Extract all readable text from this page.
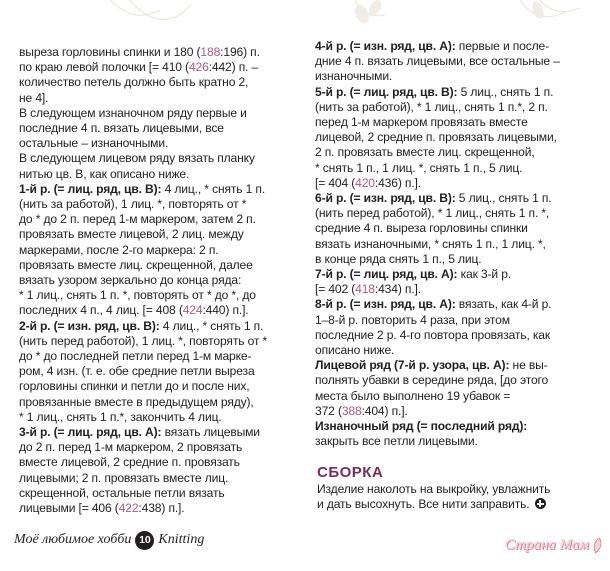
выреза горловины спинки и 180 (188:196) п.
по краю левой полочки [= 410 (426:442) п. –
количество петель должно быть кратно 2,
не 4].
В следующем изнаночном ряду первые и
последние 4 п. вязать лицевыми, все
остальные – изнаночными.
В следующем лицевом ряду вязать планку
нитью цв. В, как описано ниже.
1-й р. (= лиц. ряд, цв. В): 4 лиц., * снять 1 п.
(нить за работой), 1 лиц. *, повторять от *
до * до 2 п. перед 1-м маркером, затем 2 п.
провязать вместе лицевой, 2 лиц. между
маркерами, после 2-го маркера: 2 п.
провязать вместе лиц. скрещенной, далее
вязать узором зеркально до конца ряда:
* 1 лиц., снять 1 п. *, повторять от * до *, до
последних 4 п., 4 лиц. [= 408 (424:440) п.].
2-й р. (= изн. ряд, цв. В): 4 лиц., * снять 1 п.
(нить перед работой), 1 лиц. *, повторять от *
до * до последней петли перед 1-м марке-
ром, 4 изн. (т. е. обе средние петли выреза
горловины спинки и петли до и после них,
провязанные вместе в предыдущем ряду),
* 1 лиц., снять 1 п.*, закончить 4 лиц.
3-й р. (= лиц. ряд, цв. А): вязать лицевыми
до 2 п. перед 1-м маркером, 2 провязать
вместе лицевой, 2 средние п. провязать
лицевыми; 2 п. провязать вместе лиц.
скрещенной, остальные петли вязать
лицевыми [= 406 (422:438) п.].
4-й р. (= изн. ряд, цв. А): первые и после-
дние 4 п. вязать лицевыми, все остальные –
изнаночными.
5-й р. (= лиц. ряд, цв. В): 5 лиц., снять 1 п.
(нить за работой), * 1 лиц., снять 1 п.*, 2 п.
перед 1-м маркером провязать вместе
лицевой, 2 средние п. провязать лицевыми,
2 п. провязать вместе лиц. скрещенной,
* снять 1 п., 1 лиц. *, снять 1 п., 5 лиц.
[= 404 (420:436) п.].
6-й р. (= изн. ряд, цв. В): 5 лиц., снять 1 п.
(нить перед работой), * 1 лиц., снять 1 п. *,
средние 4 п. выреза горловины спинки
вязать изнаночными, * снять 1 п., 1 лиц. *,
в конце ряда снять 1 п., 5 лиц.
7-й р. (= лиц. ряд, цв. А): как 3-й р.
[= 402 (418:434) п.].
8-й р. (= изн. ряд, цв. А): вязать, как 4-й р.
1–8-й р. повторить 4 раза, при этом
последние 2 р. 4-го повтора провязать, как
описано ниже.
Лицевой ряд (7-й р. узора, цв. А): не вы-
полнять убавки в середине ряда, [до этого
места было выполнено 19 убавок =
372 (388:404) п.].
Изнаночный ряд (= последний ряд):
закрыть все петли лицевыми.
СБОРКА
Изделие наколоть на выкройку, увлажнить
и дать высохнуть. Все нити заправить.
Моё любимое хобби 10 Knitting	Страна Мам
